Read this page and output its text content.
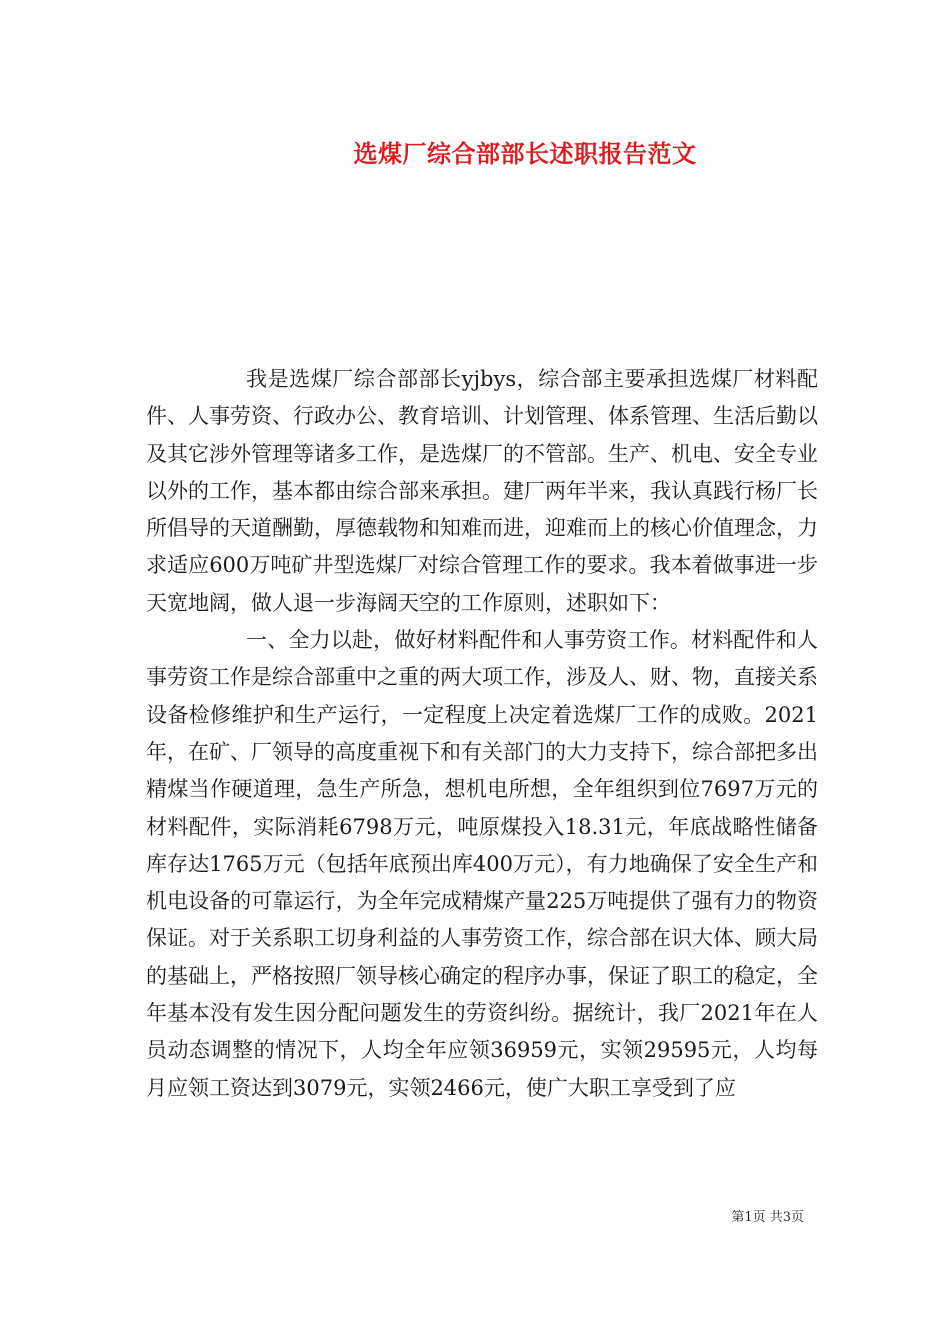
选煤厂综合部部长述职报告范文

我是选煤厂综合部部长yjbys，综合部主要承担选煤厂材料配件、人事劳资、行政办公、教育培训、计划管理、体系管理、生活后勤以及其它涉外管理等诸多工作，是选煤厂的不管部。生产、机电、安全专业以外的工作，基本都由综合部来承担。建厂两年半来，我认真践行杨厂长所倡导的天道酬勤，厚德载物和知难而进，迎难而上的核心价值理念，力求适应600万吨矿井型选煤厂对综合管理工作的要求。我本着做事进一步天宽地阔，做人退一步海阔天空的工作原则，述职如下：

一、全力以赴，做好材料配件和人事劳资工作。材料配件和人事劳资工作是综合部重中之重的两大项工作，涉及人、财、物，直接关系设备检修维护和生产运行，一定程度上决定着选煤厂工作的成败。2021年，在矿、厂领导的高度重视下和有关部门的大力支持下，综合部把多出精煤当作硬道理，急生产所急，想机电所想，全年组织到位7697万元的材料配件，实际消耗6798万元，吨原煤投入18.31元，年底战略性储备库存达1765万元（包括年底预出库400万元），有力地确保了安全生产和机电设备的可靠运行，为全年完成精煤产量225万吨提供了强有力的物资保证。对于关系职工切身利益的人事劳资工作，综合部在识大体、顾大局的基础上，严格按照厂领导核心确定的程序办事，保证了职工的稳定，全年基本没有发生因分配问题发生的劳资纠纷。据统计，我厂2021年在人员动态调整的情况下，人均全年应领36959元，实领29595元，人均每月应领工资达到3079元，实领2466元，使广大职工享受到了应

第1页 共3页
